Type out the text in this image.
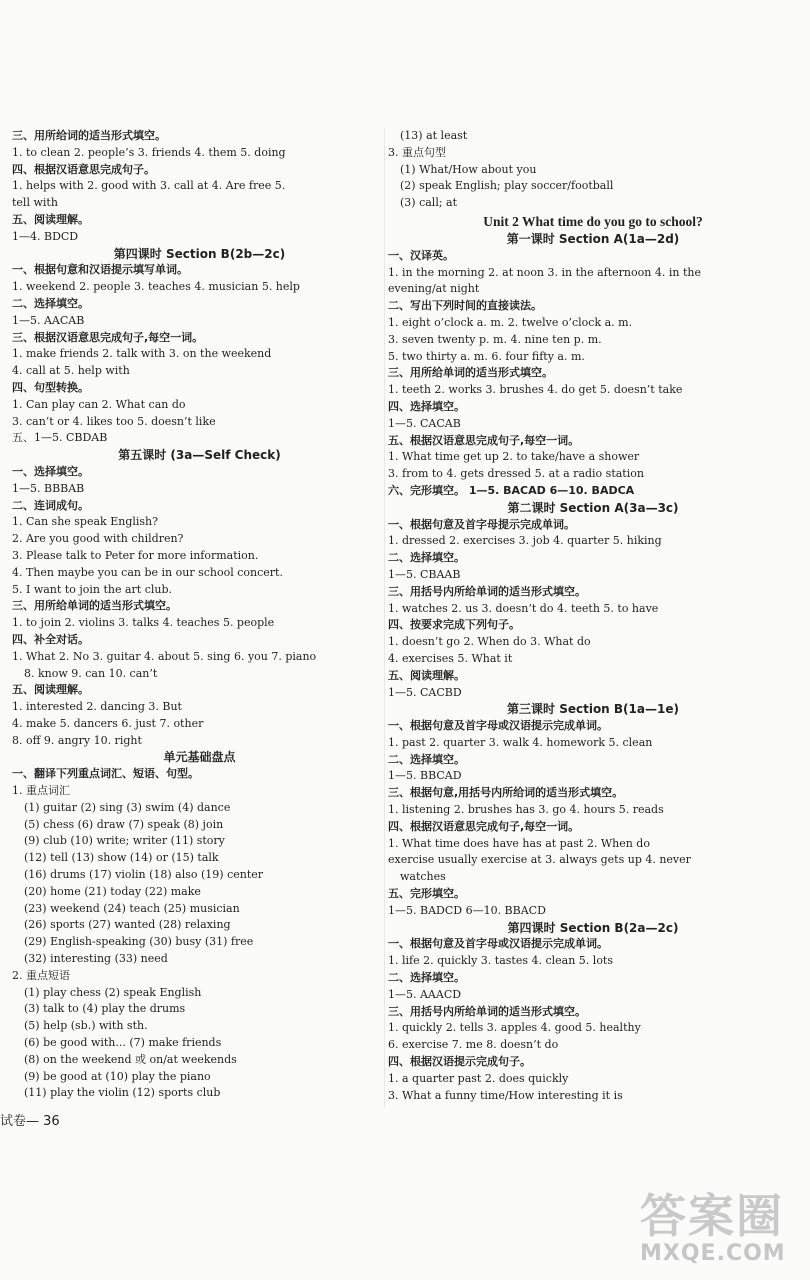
三、用所给词的适当形式填空。
1. to clean 2. people’s 3. friends 4. them 5. doing
四、根据汉语意思完成句子。
1. helps with 2. good with 3. call at 4. Are free 5.
tell with
五、阅读理解。
1—4. BDCD
第四课时 Section B(2b—2c)
一、根据句意和汉语提示填写单词。
1. weekend 2. people 3. teaches 4. musician 5. help
二、选择填空。
1—5. AACAB
三、根据汉语意思完成句子,每空一词。
1. make friends 2. talk with 3. on the weekend
4. call at 5. help with
四、句型转换。
1. Can play can 2. What can do
3. can’t or 4. likes too 5. doesn’t like
五、1—5. CBDAB
第五课时 (3a—Self Check)
一、选择填空。
1—5. BBBAB
二、连词成句。
1. Can she speak English?
2. Are you good with children?
3. Please talk to Peter for more information.
4. Then maybe you can be in our school concert.
5. I want to join the art club.
三、用所给单词的适当形式填空。
1. to join 2. violins 3. talks 4. teaches 5. people
四、补全对话。
1. What 2. No 3. guitar 4. about 5. sing 6. you 7. piano
8. know 9. can 10. can’t
五、阅读理解。
1. interested 2. dancing 3. But
4. make 5. dancers 6. just 7. other
8. off 9. angry 10. right
单元基础盘点
一、翻译下列重点词汇、短语、句型。
1. 重点词汇
(1) guitar (2) sing (3) swim (4) dance
(5) chess (6) draw (7) speak (8) join
(9) club (10) write; writer (11) story
(12) tell (13) show (14) or (15) talk
(16) drums (17) violin (18) also (19) center
(20) home (21) today (22) make
(23) weekend (24) teach (25) musician
(26) sports (27) wanted (28) relaxing
(29) English-speaking (30) busy (31) free
(32) interesting (33) need
2. 重点短语
(1) play chess (2) speak English
(3) talk to (4) play the drums
(5) help (sb.) with sth.
(6) be good with... (7) make friends
(8) on the weekend 或 on/at weekends
(9) be good at (10) play the piano
(11) play the violin (12) sports club
(13) at least
3. 重点句型
(1) What/How about you
(2) speak English; play soccer/football
(3) call; at
Unit 2 What time do you go to school?
第一课时 Section A(1a—2d)
一、汉译英。
1. in the morning 2. at noon 3. in the afternoon 4. in the
evening/at night
二、写出下列时间的直接读法。
1. eight o’clock a. m. 2. twelve o’clock a. m.
3. seven twenty p. m. 4. nine ten p. m.
5. two thirty a. m. 6. four fifty a. m.
三、用所给单词的适当形式填空。
1. teeth 2. works 3. brushes 4. do get 5. doesn’t take
四、选择填空。
1—5. CACAB
五、根据汉语意思完成句子,每空一词。
1. What time get up 2. to take/have a shower
3. from to 4. gets dressed 5. at a radio station
六、完形填空。 1—5. BACAD 6—10. BADCA
第二课时 Section A(3a—3c)
一、根据句意及首字母提示完成单词。
1. dressed 2. exercises 3. job 4. quarter 5. hiking
二、选择填空。
1—5. CBAAB
三、用括号内所给单词的适当形式填空。
1. watches 2. us 3. doesn’t do 4. teeth 5. to have
四、按要求完成下列句子。
1. doesn’t go 2. When do 3. What do
4. exercises 5. What it
五、阅读理解。
1—5. CACBD
第三课时 Section B(1a—1e)
一、根据句意及首字母或汉语提示完成单词。
1. past 2. quarter 3. walk 4. homework 5. clean
二、选择填空。
1—5. BBCAD
三、根据句意,用括号内所给词的适当形式填空。
1. listening 2. brushes has 3. go 4. hours 5. reads
四、根据汉语意思完成句子,每空一词。
1. What time does have has at past 2. When do
exercise usually exercise at 3. always gets up 4. never
watches
五、完形填空。
1—5. BADCD 6—10. BBACD
第四课时 Section B(2a—2c)
一、根据句意及首字母或汉语提示完成单词。
1. life 2. quickly 3. tastes 4. clean 5. lots
二、选择填空。
1—5. AAACD
三、用括号内所给单词的适当形式填空。
1. quickly 2. tells 3. apples 4. good 5. healthy
6. exercise 7. me 8. doesn’t do
四、根据汉语提示完成句子。
1. a quarter past 2. does quickly
3. What a funny time/How interesting it is
试卷— 36
答案圈
MXQE.COM
